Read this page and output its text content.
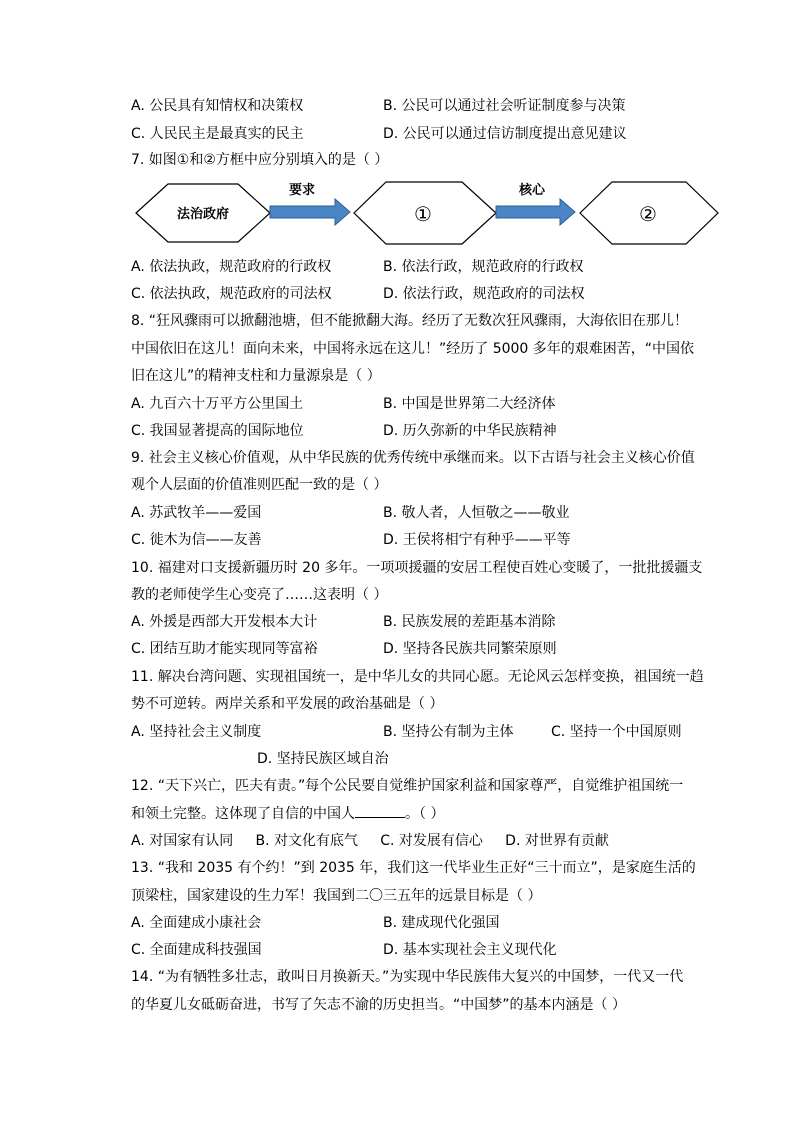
A. 公民具有知情权和决策权	B. 公民可以通过社会听证制度参与决策
C. 人民民主是最真实的民主	D. 公民可以通过信访制度提出意见建议
7. 如图①和②方框中应分别填入的是（ ）
法治政府
要求
①
核心
②
A. 依法执政，规范政府的行政权	B. 依法行政，规范政府的行政权
C. 依法执政，规范政府的司法权	D. 依法行政，规范政府的司法权
8. “狂风骤雨可以掀翻池塘，但不能掀翻大海。经历了无数次狂风骤雨，大海依旧在那儿！
中国依旧在这儿！面向未来，中国将永远在这儿！”经历了 5000 多年的艰难困苦，“中国依
旧在这儿”的精神支柱和力量源泉是（ ）
A. 九百六十万平方公里国土	B. 中国是世界第二大经济体
C. 我国显著提高的国际地位	D. 历久弥新的中华民族精神
9. 社会主义核心价值观，从中华民族的优秀传统中承继而来。以下古语与社会主义核心价值
观个人层面的价值准则匹配一致的是（ ）
A. 苏武牧羊——爱国	B. 敬人者，人恒敬之——敬业
C. 徙木为信——友善	D. 王侯将相宁有种乎——平等
10. 福建对口支援新疆历时 20 多年。一项项援疆的安居工程使百姓心变暖了，一批批援疆支
教的老师使学生心变亮了……这表明（ ）
A. 外援是西部大开发根本大计	B. 民族发展的差距基本消除
C. 团结互助才能实现同等富裕	D. 坚持各民族共同繁荣原则
11. 解决台湾问题、实现祖国统一，是中华儿女的共同心愿。无论风云怎样变换，祖国统一趋
势不可逆转。两岸关系和平发展的政治基础是（ ）
A. 坚持社会主义制度	B. 坚持公有制为主体	C. 坚持一个中国原则
D. 坚持民族区域自治
12. “天下兴亡，匹夫有责。”每个公民要自觉维护国家利益和国家尊严，自觉维护祖国统一
和领土完整。这体现了自信的中国人	。（ ）
A. 对国家有认同     B. 对文化有底气     C. 对发展有信心     D. 对世界有贡献
13. “我和 2035 有个约！”到 2035 年，我们这一代毕业生正好“三十而立”，是家庭生活的
顶梁柱，国家建设的生力军！我国到二〇三五年的远景目标是（ ）
A. 全面建成小康社会	B. 建成现代化强国
C. 全面建成科技强国	D. 基本实现社会主义现代化
14. “为有牺牲多壮志，敢叫日月换新天。”为实现中华民族伟大复兴的中国梦，一代又一代
的华夏儿女砥砺奋进，书写了矢志不渝的历史担当。“中国梦”的基本内涵是（ ）
